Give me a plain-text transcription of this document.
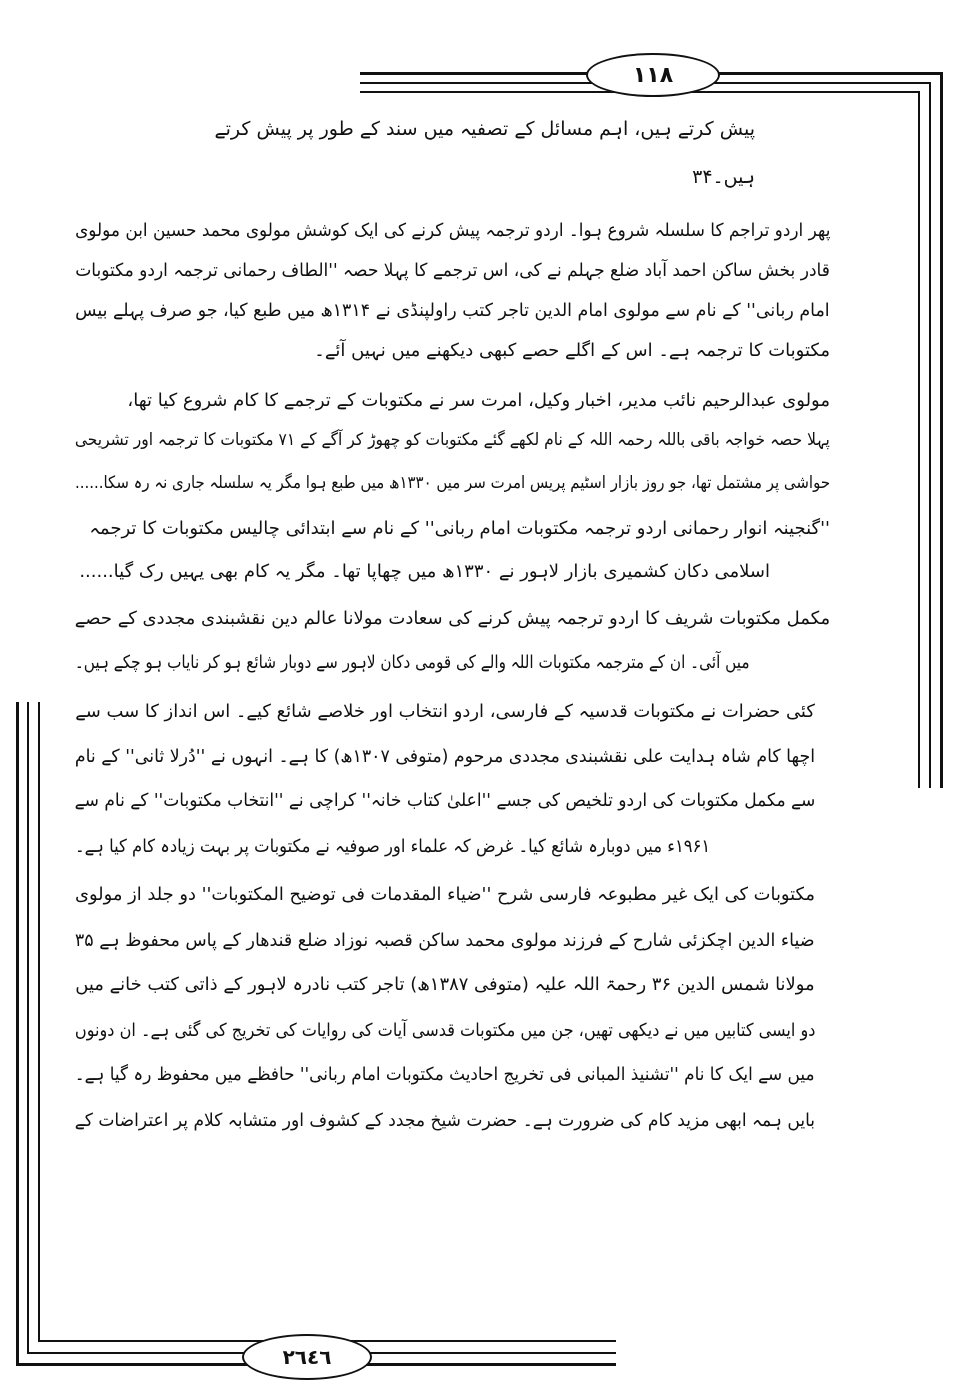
١١٨
٢٦٤٦
پیش کرتے ہیں، اہم مسائل کے تصفیہ میں سند کے طور پر پیش کرتے
ہیں۔۳۴
پھر اردو تراجم کا سلسلہ شروع ہوا۔ اردو ترجمہ پیش کرنے کی ایک کوشش مولوی محمد حسین ابن مولوی
قادر بخش ساکن احمد آباد ضلع جہلم نے کی، اس ترجمے کا پہلا حصہ ''الطاف رحمانی ترجمہ اردو مکتوبات
امام ربانی'' کے نام سے مولوی امام الدین تاجر کتب راولپنڈی نے ۱۳۱۴ھ میں طبع کیا، جو صرف پہلے بیس
مکتوبات کا ترجمہ ہے۔ اس کے اگلے حصے کبھی دیکھنے میں نہیں آئے۔
مولوی عبدالرحیم نائب مدیر، اخبار وکیل، امرت سر نے مکتوبات کے ترجمے کا کام شروع کیا تھا،
پہلا حصہ خواجہ باقی باللہ رحمہ اللہ کے نام لکھے گئے مکتوبات کو چھوڑ کر آگے کے ۷۱ مکتوبات کا ترجمہ اور تشریحی
حواشی پر مشتمل تھا، جو روز بازار اسٹیم پریس امرت سر میں ۱۳۳۰ھ میں طبع ہوا مگر یہ سلسلہ جاری نہ رہ سکا......
''گنجینہ انوار رحمانی اردو ترجمہ مکتوبات امام ربانی'' کے نام سے ابتدائی چالیس مکتوبات کا ترجمہ
اسلامی دکان کشمیری بازار لاہور نے ۱۳۳۰ھ میں چھاپا تھا۔ مگر یہ کام بھی یہیں رک گیا......
مکمل مکتوبات شریف کا اردو ترجمہ پیش کرنے کی سعادت مولانا عالم دین نقشبندی مجددی کے حصے
میں آئی۔ ان کے مترجمہ مکتوبات اللہ والے کی قومی دکان لاہور سے دوبار شائع ہو کر نایاب ہو چکے ہیں۔
کئی حضرات نے مکتوبات قدسیہ کے فارسی، اردو انتخاب اور خلاصے شائع کیے۔ اس انداز کا سب سے
اچھا کام شاہ ہدایت علی نقشبندی مجددی مرحوم (متوفی ۱۳۰۷ھ) کا ہے۔ انہوں نے ''دُرلا ثانی'' کے نام
سے مکمل مکتوبات کی اردو تلخیص کی جسے ''اعلیٰ کتاب خانہ'' کراچی نے ''انتخاب مکتوبات'' کے نام سے
۱۹۶۱ء میں دوبارہ شائع کیا۔ غرض کہ علماء اور صوفیہ نے مکتوبات پر بہت زیادہ کام کیا ہے۔
مکتوبات کی ایک غیر مطبوعہ فارسی شرح ''ضیاء المقدمات فی توضیح المکتوبات'' دو جلد از مولوی
ضیاء الدین اچکزئی شارح کے فرزند مولوی محمد ساکن قصبہ نوزاد ضلع قندھار کے پاس محفوظ ہے ۳۵
مولانا شمس الدین ۳۶ رحمۃ اللہ علیہ (متوفی ۱۳۸۷ھ) تاجر کتب نادرہ لاہور کے ذاتی کتب خانے میں
دو ایسی کتابیں میں نے دیکھی تھیں، جن میں مکتوبات قدسی آیات کی روایات کی تخریج کی گئی ہے۔ ان دونوں
میں سے ایک کا نام ''تشنیذ المبانی فی تخریج احادیث مکتوبات امام ربانی'' حافظے میں محفوظ رہ گیا ہے۔
بایں ہمہ ابھی مزید کام کی ضرورت ہے۔ حضرت شیخ مجدد کے کشوف اور متشابہ کلام پر اعتراضات کے
